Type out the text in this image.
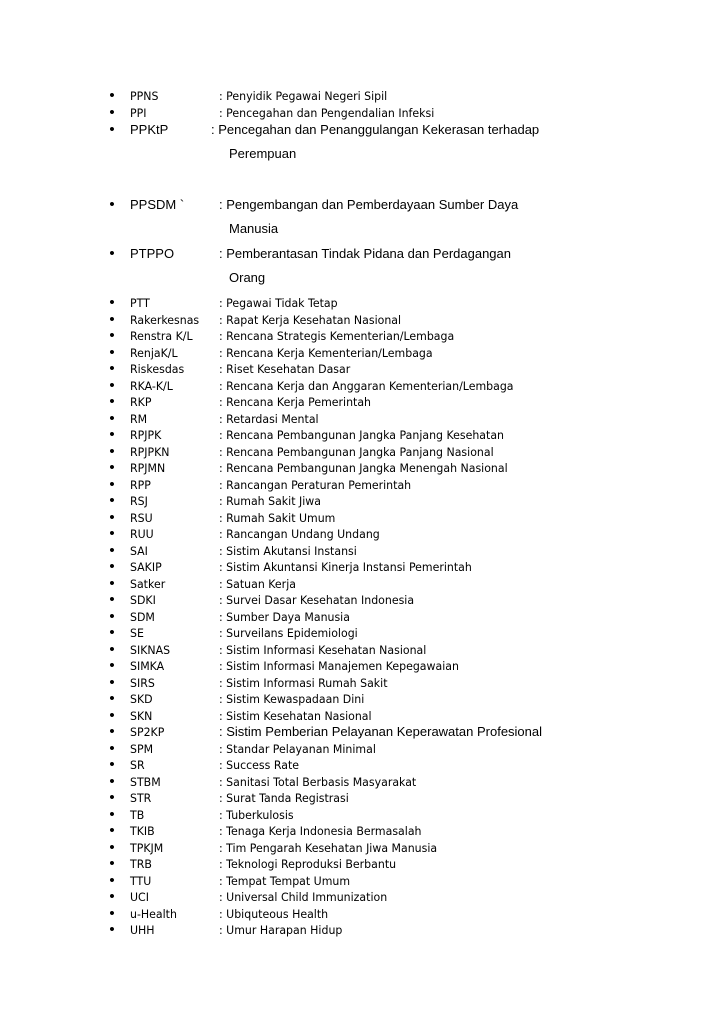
• PPNS	: Penyidik Pegawai Negeri Sipil
• PPI	: Pencegahan dan Pengendalian Infeksi
• PPKtP	: Pencegahan dan Penanggulangan Kekerasan terhadap
Perempuan
• PPSDM `	: Pengembangan dan Pemberdayaan Sumber Daya
Manusia
• PTPPO	: Pemberantasan Tindak Pidana dan Perdagangan
Orang
• PTT	: Pegawai Tidak Tetap
• Rakerkesnas : Rapat Kerja Kesehatan Nasional
• Renstra K/L : Rencana Strategis Kementerian/Lembaga
• RenjaK/L	: Rencana Kerja Kementerian/Lembaga
• Riskesdas	: Riset Kesehatan Dasar
• RKA-K/L	: Rencana Kerja dan Anggaran Kementerian/Lembaga
• RKP	: Rencana Kerja Pemerintah
• RM	: Retardasi Mental
• RPJPK	: Rencana Pembangunan Jangka Panjang Kesehatan
• RPJPKN	: Rencana Pembangunan Jangka Panjang Nasional
• RPJMN	: Rencana Pembangunan Jangka Menengah Nasional
• RPP	: Rancangan Peraturan Pemerintah
• RSJ	: Rumah Sakit Jiwa
• RSU	: Rumah Sakit Umum
• RUU	: Rancangan Undang Undang
• SAI	: Sistim Akutansi Instansi
• SAKIP	: Sistim Akuntansi Kinerja Instansi Pemerintah
• Satker	: Satuan Kerja
• SDKI	: Survei Dasar Kesehatan Indonesia
• SDM	: Sumber Daya Manusia
• SE	: Surveilans Epidemiologi
• SIKNAS	: Sistim Informasi Kesehatan Nasional
• SIMKA	: Sistim Informasi Manajemen Kepegawaian
• SIRS	: Sistim Informasi Rumah Sakit
• SKD	: Sistim Kewaspadaan Dini
• SKN	: Sistim Kesehatan Nasional
• SP2KP	: Sistim Pemberian Pelayanan Keperawatan Profesional
• SPM	: Standar Pelayanan Minimal
• SR	: Success Rate
• STBM	: Sanitasi Total Berbasis Masyarakat
• STR	: Surat Tanda Registrasi
• TB	: Tuberkulosis
• TKIB	: Tenaga Kerja Indonesia Bermasalah
• TPKJM	: Tim Pengarah Kesehatan Jiwa Manusia
• TRB	: Teknologi Reproduksi Berbantu
• TTU	: Tempat Tempat Umum
• UCI	: Universal Child Immunization
• u-Health	: Ubiquteous Health
• UHH	: Umur Harapan Hidup
